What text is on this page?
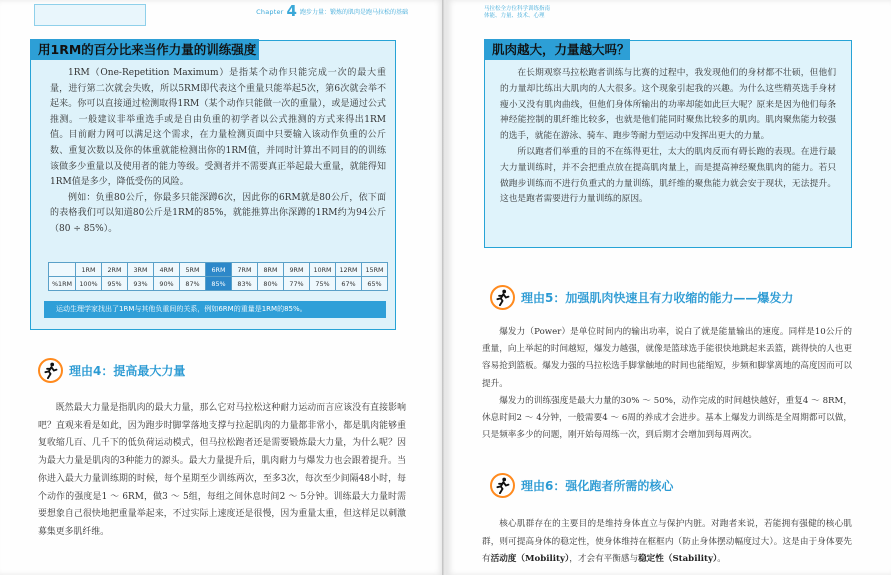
Chapter 4 跑步力量：锻炼的肌肉是跑马拉松的基础
用1RM的百分比来当作力量的训练强度

1RM（One-Repetition Maximum）是指某个动作只能完成一次的最大重量，进行第二次就会失败，所以5RM即代表这个重量只能举起5次，第6次就会举不起来。你可以直接通过检测取得1RM（某个动作只能做一次的重量），或是通过公式推测。一般建议非举重选手或是自由负重的初学者以公式推测的方式来得出1RM值。目前耐力网可以满足这个需求，在力量检测页面中只要输入该动作负重的公斤数、重复次数以及你的体重就能检测出你的1RM值，并同时计算出不同目的的训练该做多少重量以及使用者的能力等级。受测者并不需要真正举起最大重量，就能得知1RM值是多少，降低受伤的风险。

例如：负重80公斤，你最多只能深蹲6次，因此你的6RM就是80公斤，依下面的表格我们可以知道80公斤是1RM的85%，就能推算出你深蹲的1RM约为94公斤（80 ÷ 85%）。

	1RM	2RM	3RM	4RM	5RM	6RM	7RM	8RM	9RM	10RM	12RM	15RM
%1RM	100%	95%	93%	90%	87%	85%	83%	80%	77%	75%	67%	65%
运动生理学家找出了1RM与其他负重间的关系，例如6RM的重量是1RM的85%。
理由4：提高最大力量

既然最大力量是指肌肉的最大力量，那么它对马拉松这种耐力运动而言应该没有直接影响吧？直观来看是如此，因为跑步时脚掌落地支撑与拉起肌肉的力量都非常小，都是肌肉能够重复收缩几百、几千下的低负荷运动模式，但马拉松跑者还是需要锻炼最大力量，为什么呢？因为最大力量是肌肉的3种能力的源头。最大力量提升后，肌肉耐力与爆发力也会跟着提升。当你进入最大力量训练期的时候，每个星期至少训练两次，至多3次，每次至少间隔48小时，每个动作的强度是1 ～ 6RM，做3 ～ 5组，每组之间休息时间2 ～ 5分钟。训练最大力量时需要想象自己很快地把重量举起来，不过实际上速度还是很慢，因为重量太重，但这样足以刺激募集更多肌纤维。

马拉松全方位科学训练指南
体能、力量、技术、心理
肌肉越大，力量越大吗？

在长期观察马拉松跑者训练与比赛的过程中，我发现他们的身材都不壮硕，但他们的力量却比练出大肌肉的人大很多。这个现象引起我的兴趣。为什么这些精英选手身材瘦小又没有肌肉曲线，但他们身体所输出的功率却能如此巨大呢？原来是因为他们每条神经能控制的肌纤维比较多，也就是他们能同时聚焦比较多的肌肉。肌肉聚焦能力较强的选手，就能在游泳、骑车、跑步等耐力型运动中发挥出更大的力量。

所以跑者们举重的目的不在练得更壮，太大的肌肉反而有碍长跑的表现。在进行最大力量训练时，并不会把重点放在提高肌肉量上，而是提高神经聚焦肌肉的能力。若只做跑步训练而不进行负重式的力量训练，肌纤维的聚焦能力就会安于现状，无法提升。这也是跑者需要进行力量训练的原因。

理由5：加强肌肉快速且有力收缩的能力——爆发力

爆发力（Power）是单位时间内的输出功率，说白了就是能量输出的速度。同样是10公斤的重量，向上举起的时间越短，爆发力越强，就像是篮球选手能很快地跳起来丢篮，跳得快的人也更容易抢到篮板。爆发力强的马拉松选手脚掌触地的时间也能缩短，步频和脚掌离地的高度因而可以提升。

爆发力的训练强度是最大力量的30% ～ 50%，动作完成的时间越快越好，重复4 ～ 8RM，休息时间2 ～ 4分钟，一般需要4 ～ 6周的养成才会进步。基本上爆发力训练是全周期都可以做，只是频率多少的问题，刚开始每周练一次，到后期才会增加到每周两次。

理由6：强化跑者所需的核心

核心肌群存在的主要目的是维持身体直立与保护内脏。对跑者来说，若能拥有强健的核心肌群，则可提高身体的稳定性，使身体维持在框框内（防止身体摆动幅度过大）。这是由于身体要先有活动度（Mobility），才会有平衡感与稳定性（Stability）。
